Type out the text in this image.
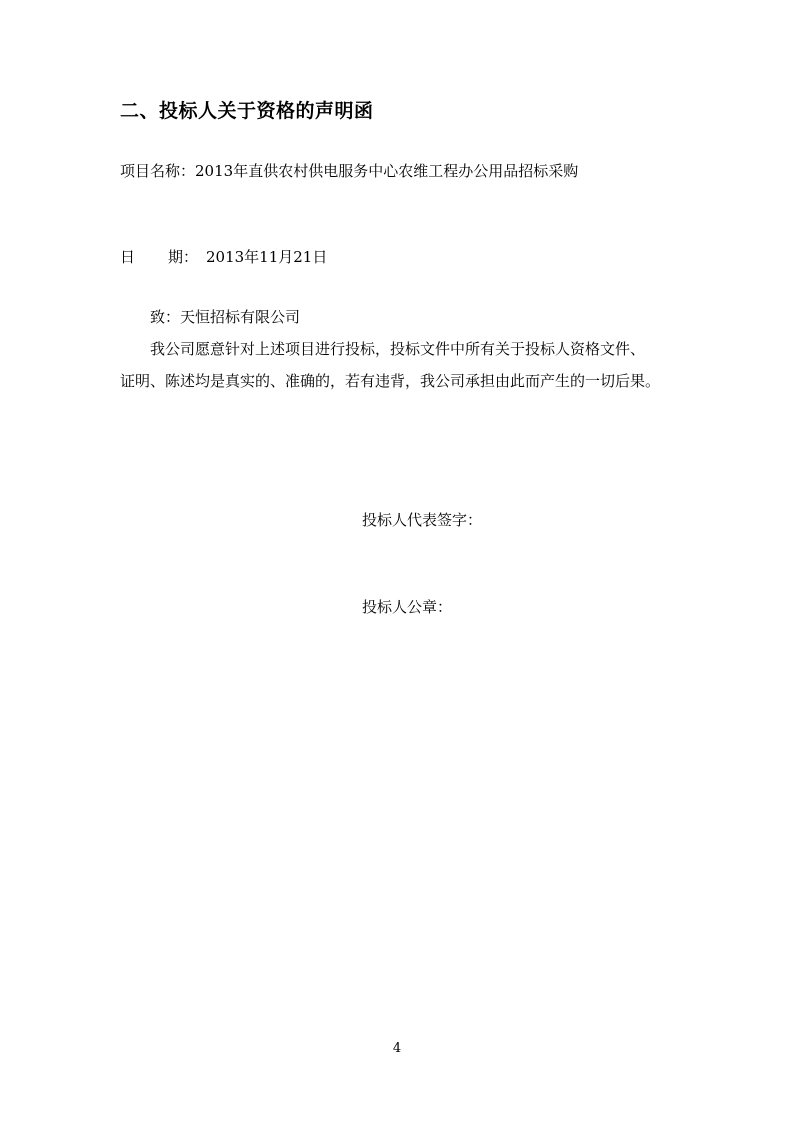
二、投标人关于资格的声明函
项目名称：2013年直供农村供电服务中心农维工程办公用品招标采购
日 期： 2013年11月21日
致：天恒招标有限公司
我公司愿意针对上述项目进行投标，投标文件中所有关于投标人资格文件、
证明、陈述均是真实的、准确的，若有违背，我公司承担由此而产生的一切后果。
投标人代表签字：
投标人公章：
4
